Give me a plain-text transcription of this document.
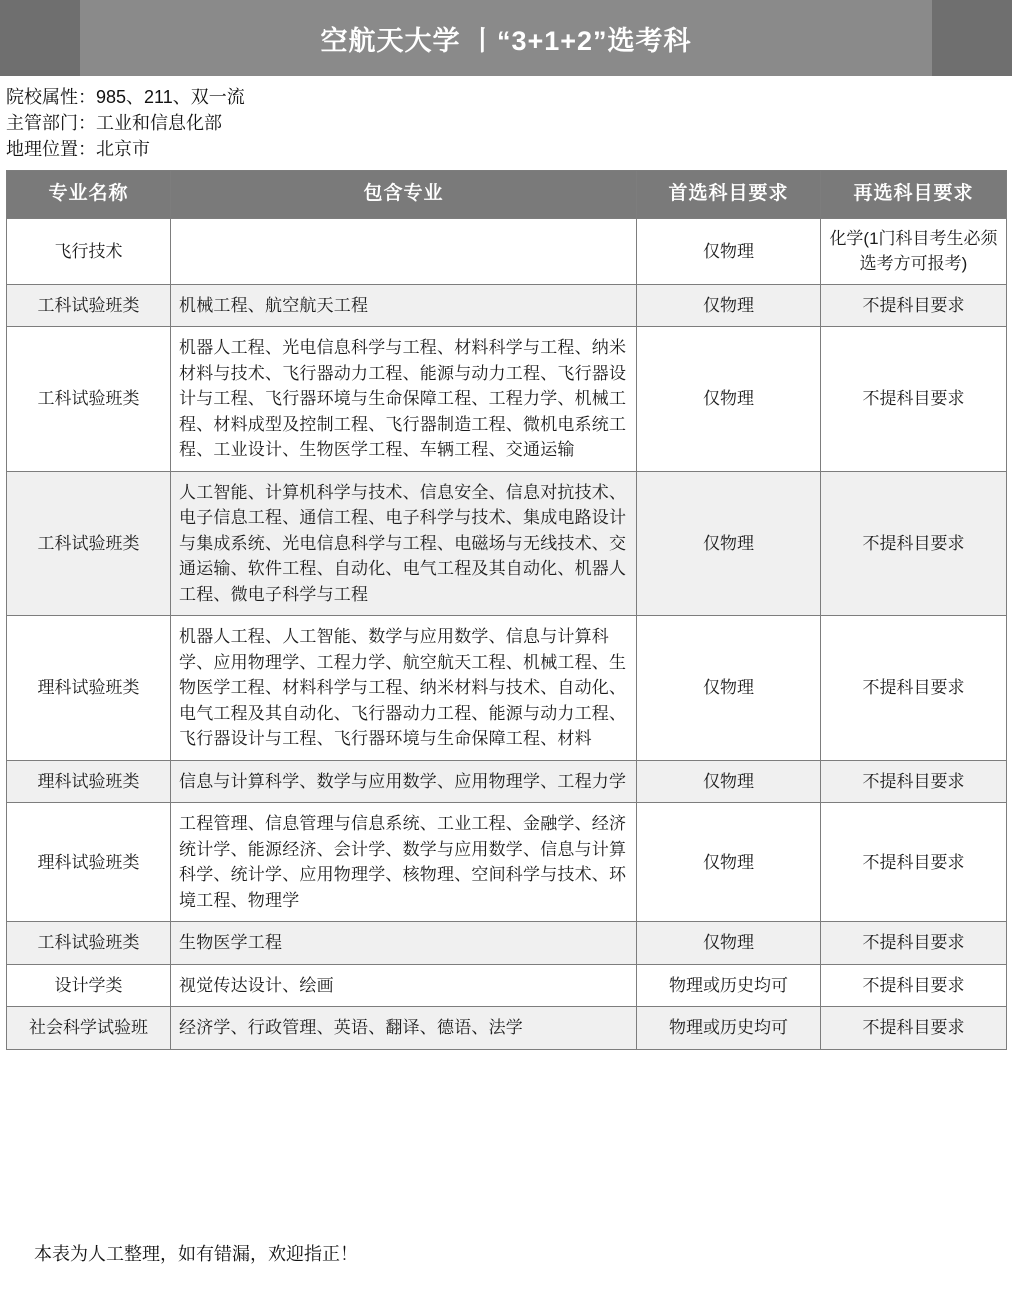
空航天大学 丨“3+1+2”选考科
院校属性：985、211、双一流
主管部门：工业和信息化部
地理位置：北京市
专业名称	包含专业	首选科目要求	再选科目要求
飞行技术		仅物理	化学(1门科目考生必须选考方可报考)
工科试验班类	机械工程、航空航天工程	仅物理	不提科目要求
工科试验班类	机器人工程、光电信息科学与工程、材料科学与工程、纳米材料与技术、飞行器动力工程、能源与动力工程、飞行器设计与工程、飞行器环境与生命保障工程、工程力学、机械工程、材料成型及控制工程、飞行器制造工程、微机电系统工程、工业设计、生物医学工程、车辆工程、交通运输	仅物理	不提科目要求
工科试验班类	人工智能、计算机科学与技术、信息安全、信息对抗技术、电子信息工程、通信工程、电子科学与技术、集成电路设计与集成系统、光电信息科学与工程、电磁场与无线技术、交通运输、软件工程、自动化、电气工程及其自动化、机器人工程、微电子科学与工程	仅物理	不提科目要求
理科试验班类	机器人工程、人工智能、数学与应用数学、信息与计算科学、应用物理学、工程力学、航空航天工程、机械工程、生物医学工程、材料科学与工程、纳米材料与技术、自动化、电气工程及其自动化、飞行器动力工程、能源与动力工程、飞行器设计与工程、飞行器环境与生命保障工程、材料	仅物理	不提科目要求
理科试验班类	信息与计算科学、数学与应用数学、应用物理学、工程力学	仅物理	不提科目要求
理科试验班类	工程管理、信息管理与信息系统、工业工程、金融学、经济统计学、能源经济、会计学、数学与应用数学、信息与计算科学、统计学、应用物理学、核物理、空间科学与技术、环境工程、物理学	仅物理	不提科目要求
工科试验班类	生物医学工程	仅物理	不提科目要求
设计学类	视觉传达设计、绘画	物理或历史均可	不提科目要求
社会科学试验班	经济学、行政管理、英语、翻译、德语、法学	物理或历史均可	不提科目要求
本表为人工整理，如有错漏，欢迎指正！
